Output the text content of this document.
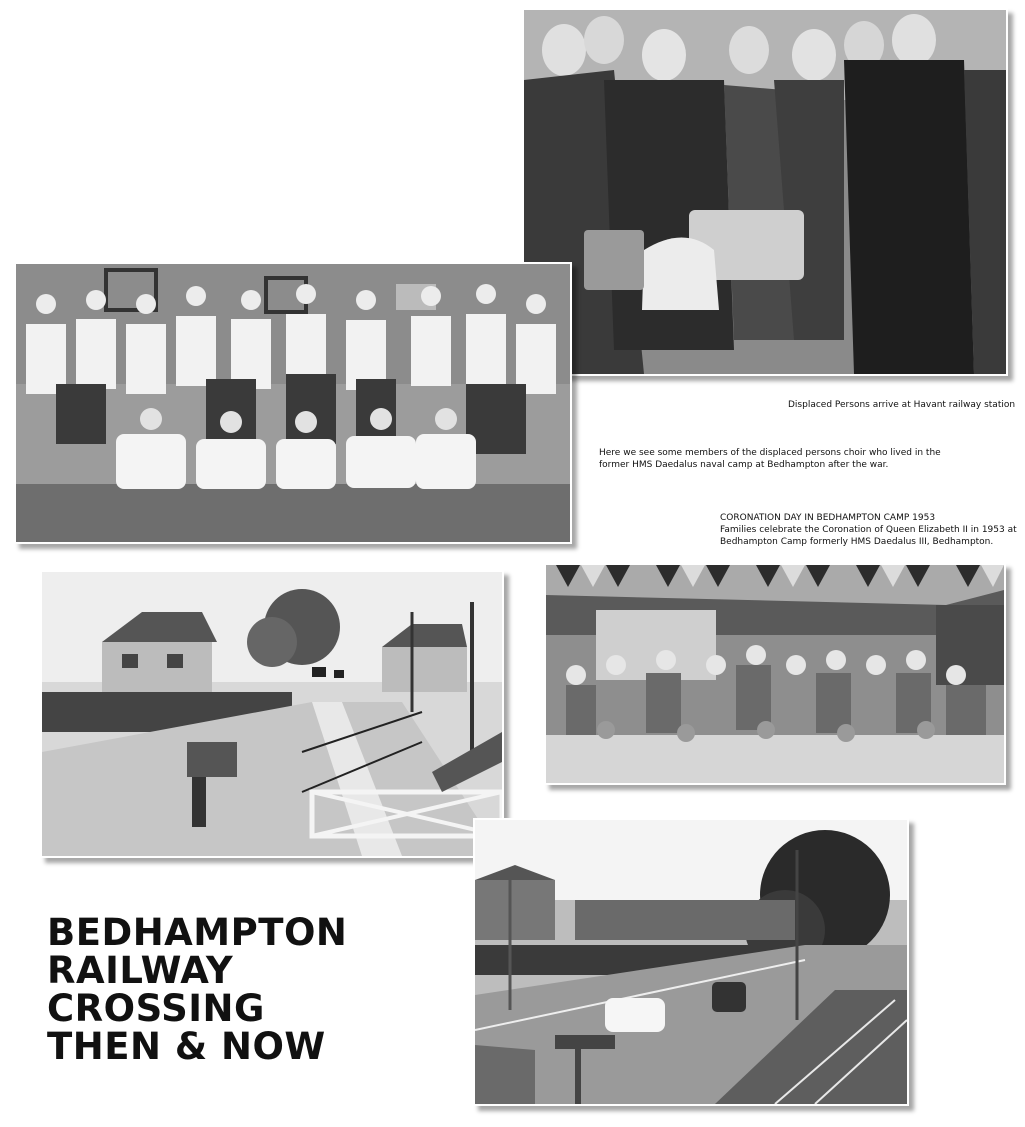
Displaced Persons arrive at Havant railway station
Here we see some members of the displaced persons choir who lived in the
former HMS Daedalus naval camp at Bedhampton after the war.
CORONATION DAY IN BEDHAMPTON CAMP 1953
Families celebrate the Coronation of Queen Elizabeth II in 1953 at
Bedhampton Camp formerly HMS Daedalus III, Bedhampton.
BEDHAMPTON
RAILWAY
CROSSING
THEN & NOW
